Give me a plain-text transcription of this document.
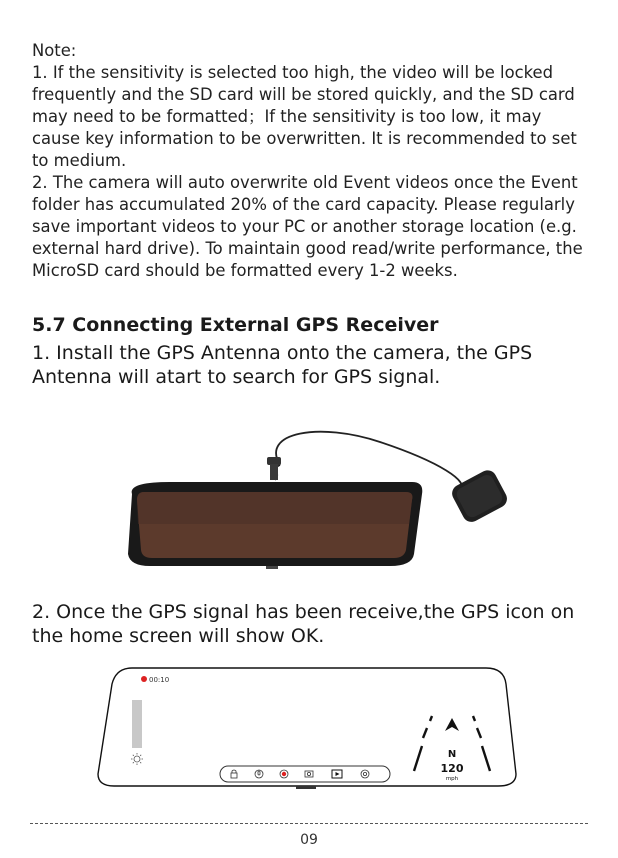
Note:

1. If the sensitivity is selected too high, the video will be locked frequently and the SD card will be stored quickly, and the SD card may need to be formatted；If the sensitivity is too low, it may cause key information to be overwritten. It is recommended to set to medium.

2. The camera will auto overwrite old Event videos once the Event folder has accumulated 20% of the card capacity. Please regularly save important videos to your PC or another storage location (e.g. external hard drive). To maintain good read/write performance, the MicroSD card should be formatted every 1-2 weeks.

5.7 Connecting External GPS Receiver
1. Install the GPS Antenna onto the camera, the GPS Antenna will atart to search for GPS signal.
2. Once the GPS signal has been receive,the GPS icon on the home screen will show OK.
00:10
N
120
mph
09
